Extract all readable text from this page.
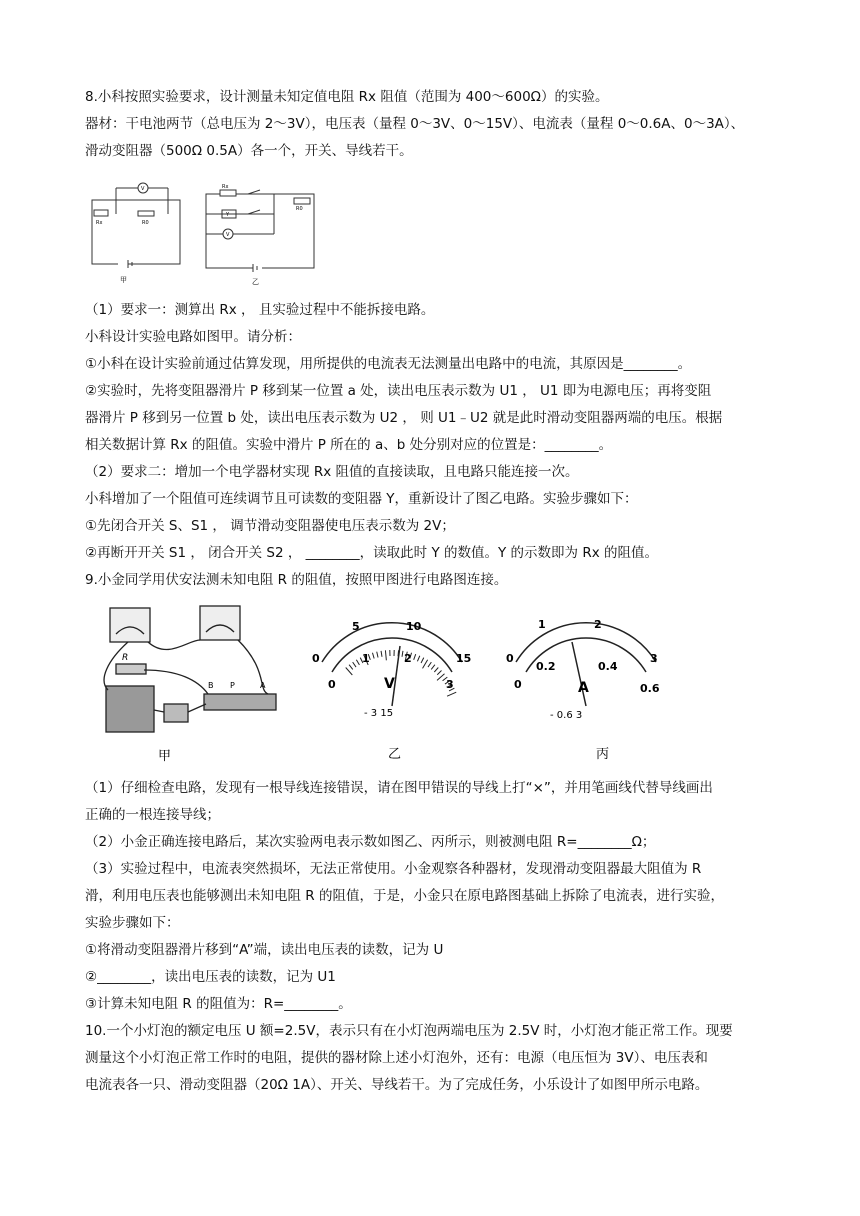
8.小科按照实验要求，设计测量未知定值电阻 Rx 阻值（范围为 400～600Ω）的实验。
器材：干电池两节（总电压为 2～3V），电压表（量程 0～3V、0～15V）、电流表（量程 0～0.6A、0～3A）、
滑动变阻器（500Ω 0.5A）各一个，开关、导线若干。
V
Rx	R0
甲
Rx
Y
V
R0
乙
（1）要求一：测算出 Rx ， 且实验过程中不能拆接电路。
小科设计实验电路如图甲。请分析：
①小科在设计实验前通过估算发现，用所提供的电流表无法测量出电路中的电流，其原因是________。
②实验时，先将变阻器滑片 P 移到某一位置 a 处，读出电压表示数为 U1 ， U1 即为电源电压；再将变阻
器滑片 P 移到另一位置 b 处，读出电压表示数为 U2 ， 则 U1﹣U2 就是此时滑动变阻器两端的电压。根据
相关数据计算 Rx 的阻值。实验中滑片 P 所在的 a、b 处分别对应的位置是：________。
（2）要求二：增加一个电学器材实现 Rx 阻值的直接读取，且电路只能连接一次。
小科增加了一个阻值可连续调节且可读数的变阻器 Y，重新设计了图乙电路。实验步骤如下：
①先闭合开关 S、S1 ， 调节滑动变阻器使电压表示数为 2V；
②再断开开关 S1 ， 闭合开关 S2 ， ________，读取此时 Y 的数值。Y 的示数即为 Rx 的阻值。
9.小金同学用伏安法测未知电阻 R 的阻值，按照甲图进行电路图连接。
R
B P	A
甲
0
5	10
15
0
1	2
3
V
- 3 15
乙
0
1	2
3
0
0.2	0.4
0.6
A
- 0.6 3
丙
（1）仔细检查电路，发现有一根导线连接错误，请在图甲错误的导线上打“×”，并用笔画线代替导线画出
正确的一根连接导线；
（2）小金正确连接电路后，某次实验两电表示数如图乙、丙所示，则被测电阻 R=________Ω；
（3）实验过程中，电流表突然损坏，无法正常使用。小金观察各种器材，发现滑动变阻器最大阻值为 R
滑，利用电压表也能够测出未知电阻 R 的阻值，于是，小金只在原电路图基础上拆除了电流表，进行实验，
实验步骤如下：
①将滑动变阻器滑片移到“A”端，读出电压表的读数，记为 U
②________，读出电压表的读数，记为 U1
③计算未知电阻 R 的阻值为：R=________。
10.一个小灯泡的额定电压 U 额=2.5V，表示只有在小灯泡两端电压为 2.5V 时，小灯泡才能正常工作。现要
测量这个小灯泡正常工作时的电阻，提供的器材除上述小灯泡外，还有：电源（电压恒为 3V）、电压表和
电流表各一只、滑动变阻器（20Ω 1A）、开关、导线若干。为了完成任务，小乐设计了如图甲所示电路。
